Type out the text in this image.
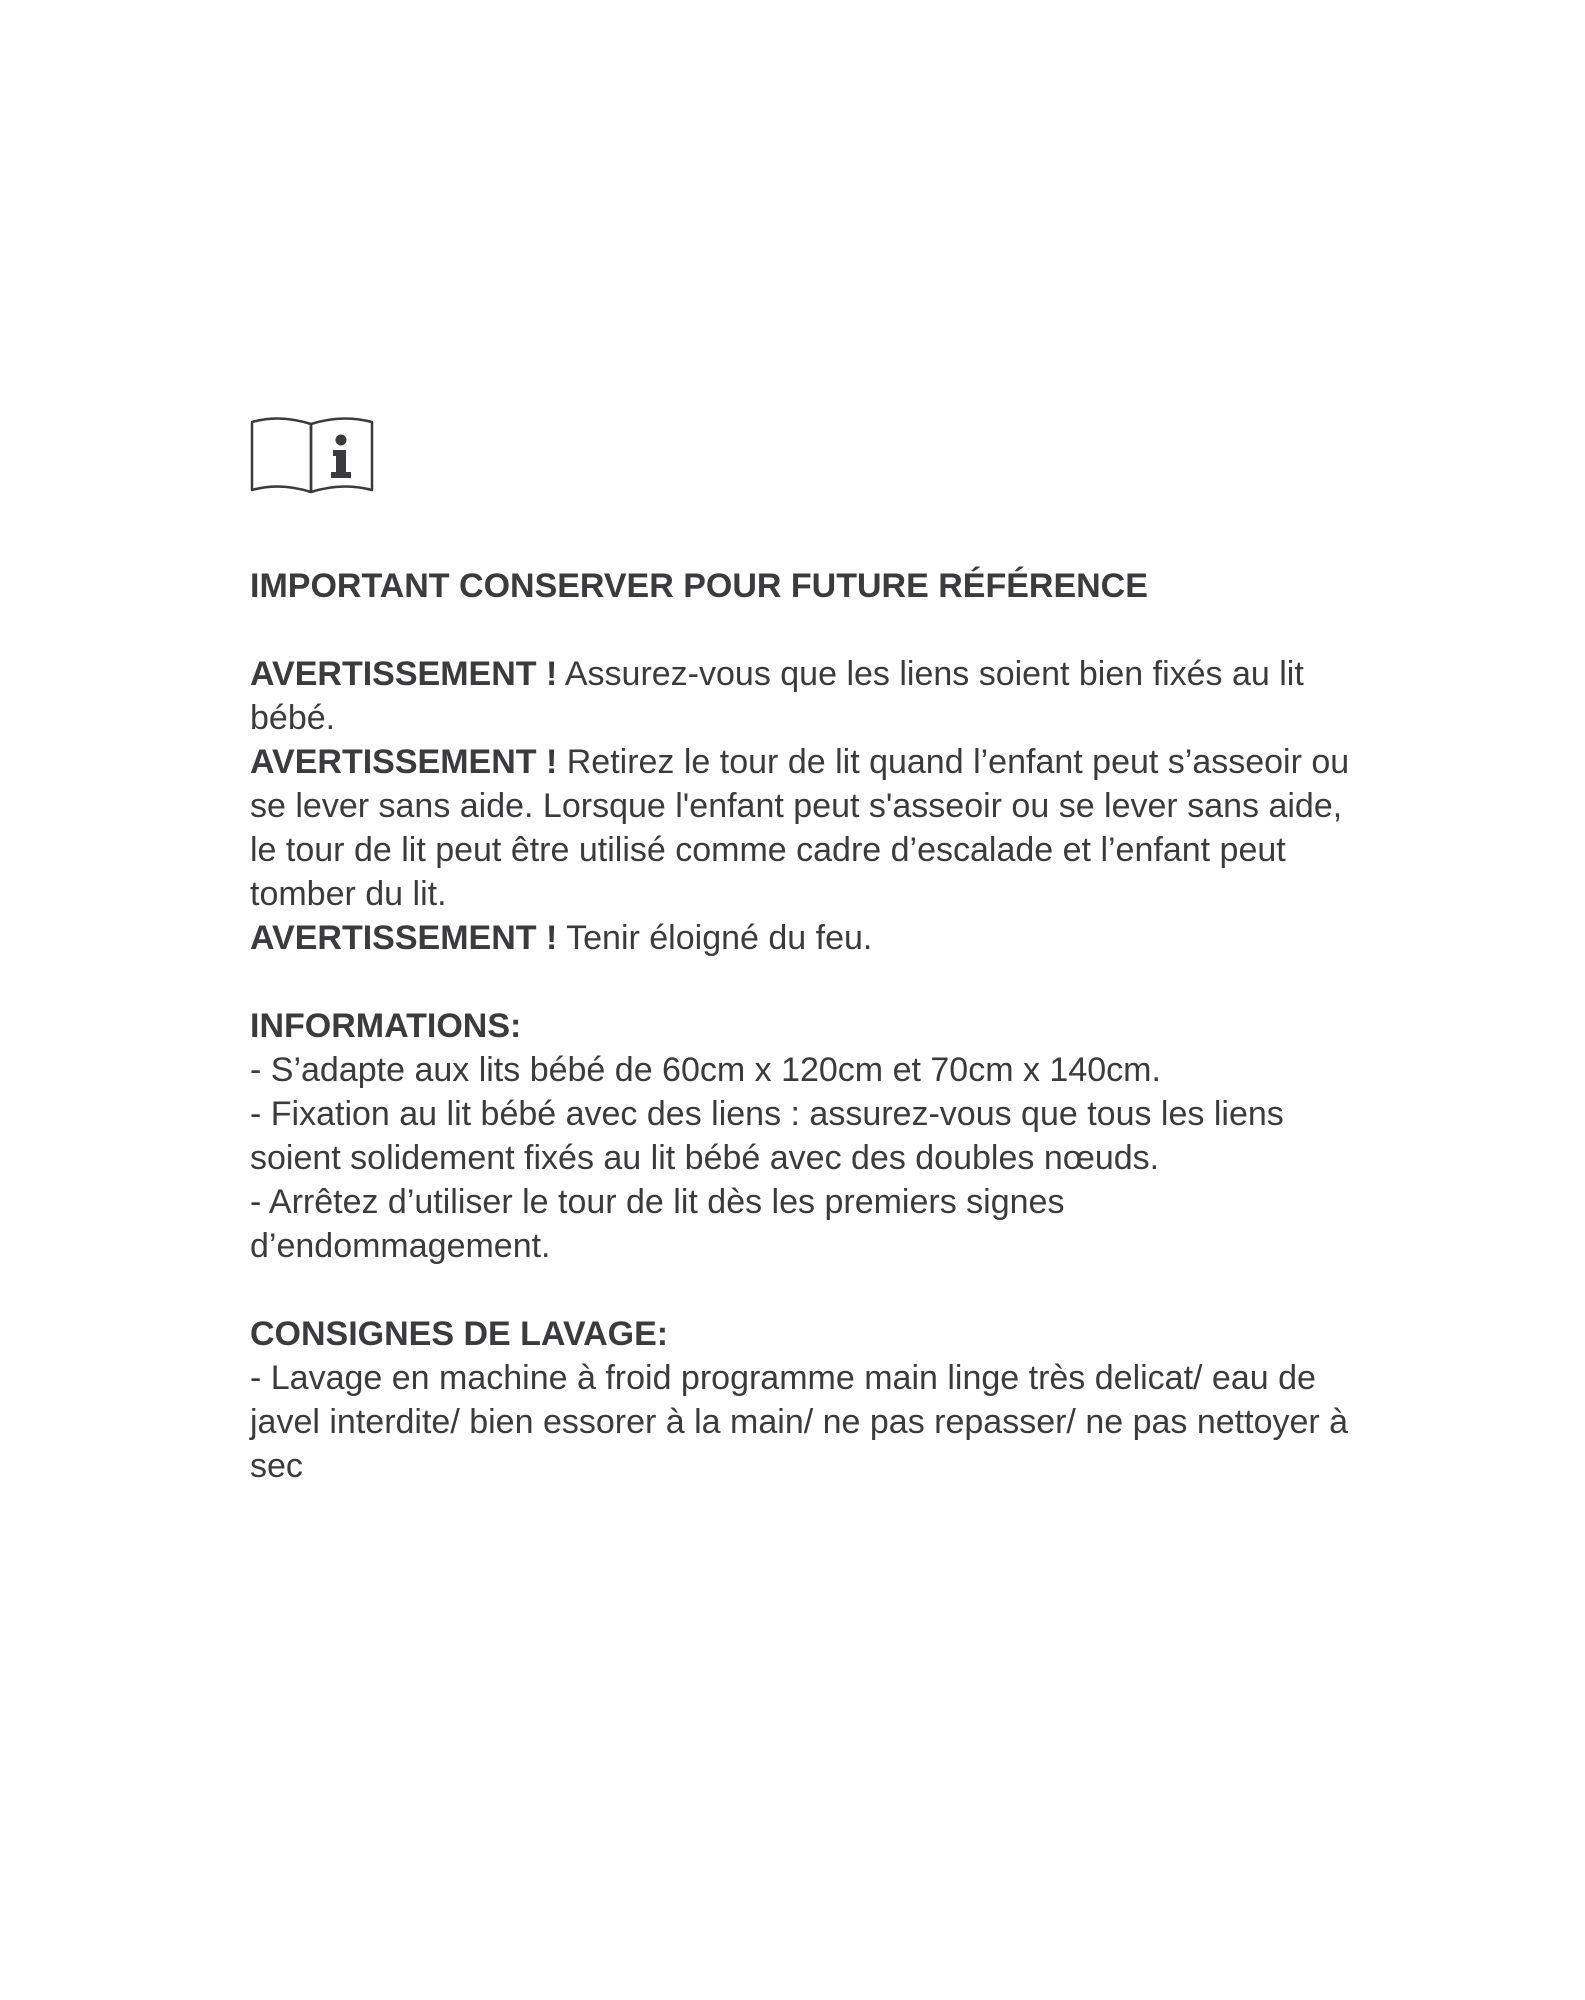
IMPORTANT CONSERVER POUR FUTURE RÉFÉRENCE

AVERTISSEMENT ! Assurez-vous que les liens soient bien fixés au lit bébé.

AVERTISSEMENT ! Retirez le tour de lit quand l’enfant peut s’asseoir ou se lever sans aide. Lorsque l'enfant peut s'asseoir ou se lever sans aide, le tour de lit peut être utilisé comme cadre d’escalade et l’enfant peut tomber du lit.

AVERTISSEMENT ! Tenir éloigné du feu.

INFORMATIONS:

- S’adapte aux lits bébé de 60cm x 120cm et 70cm x 140cm.

- Fixation au lit bébé avec des liens : assurez-vous que tous les liens soient solidement fixés au lit bébé avec des doubles nœuds.

- Arrêtez d’utiliser le tour de lit dès les premiers signes d’endommagement.

CONSIGNES DE LAVAGE:

- Lavage en machine à froid programme main linge très delicat/ eau de javel interdite/ bien essorer à la main/ ne pas repasser/ ne pas nettoyer à sec
